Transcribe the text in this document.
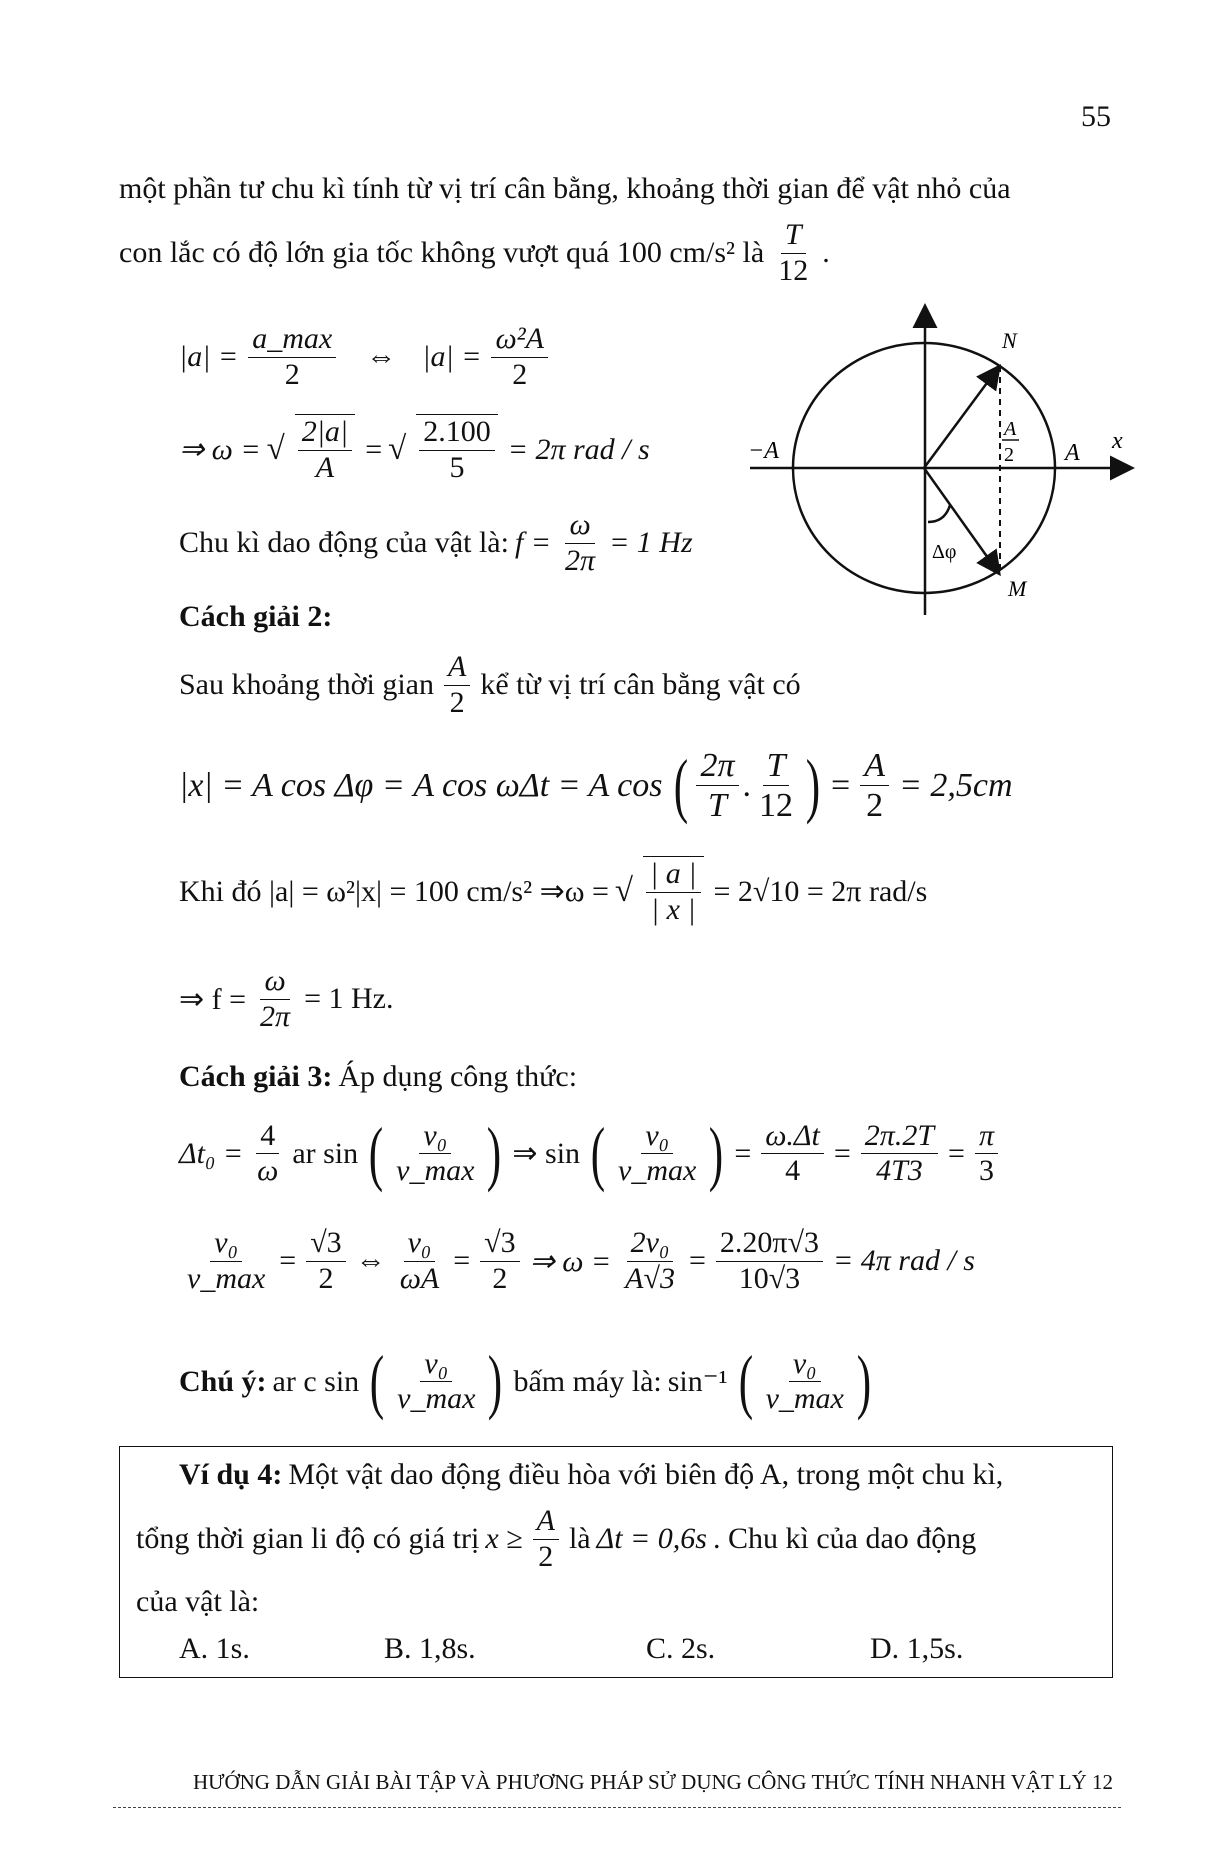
55
một phần tư chu kì tính từ vị trí cân bằng, khoảng thời gian để vật nhỏ của
con lắc có độ lớn gia tốc không vượt quá 100 cm/s² là $\frac{T}{12}$ .
|a| =
a_max
2
⇔ $|a| = \frac{\text{ω²A}}{2}$
⇒ ω = √ $\frac{2|a|}{A}$ = √ $\frac{2.100}{5} = 2\pi$ rad / s
Chu kì dao động của vật là: $f = \frac{\omega}{2\pi} = 1$ Hz
Cách giải 2:
Sau khoảng thời gian
A
2
kể từ vị trí cân bằng vật có
|x| = A cos Δφ = A cos ωΔt = A cos
( 2π
T
.
T
12
)
= $\frac{A}{2} = 2,5cm$
Khi đó |a| = ω²|x| = 100 cm/s² ⇒ω = √ $\frac{| a |}{| x |} = 2√10 = 2\pi$ rad/s
⇒ $f = \frac{\omega}{2\pi} = 1$ Hz.
Cách giải 3: Áp dụng công thức:
$\Delta t_0 = \frac{4}{\omega}$ ar sin
( v₀
v_max
)
⇒ sin
( v₀
v_max
)
= $\frac{\omega.\Delta t}{4} = \frac{2\pi.2T}{4T3} = \frac{\pi}{3}$
v₀
v_max
= $\frac{√3}{2}$ ⇔ $\frac{\text{v₀}}{\omega A} = \frac{√3}{2}$ ⇒ $\omega = \frac{\text{2v₀}}{A√3} = \frac{2.20\pi√3}{10√3} = 4\pi$ rad / s
Chú ý: ar c sin
( v₀
v_max
)
bấm máy là: sin⁻¹
( v₀
v_max
)
Ví dụ 4: Một vật dao động điều hòa với biên độ A, trong một chu kì,
tổng thời gian li độ có giá trị $x \ge \frac{A}{2}$ là Δt = 0,6s . Chu kì của dao động
của vật là:
A. 1s.	B. 1,8s.	C. 2s.	D. 1,5s.
N
M
−A	A x
A
2
Δφ
HƯỚNG DẪN GIẢI BÀI TẬP VÀ PHƯƠNG PHÁP SỬ DỤNG CÔNG THỨC TÍNH NHANH VẬT LÝ 12
